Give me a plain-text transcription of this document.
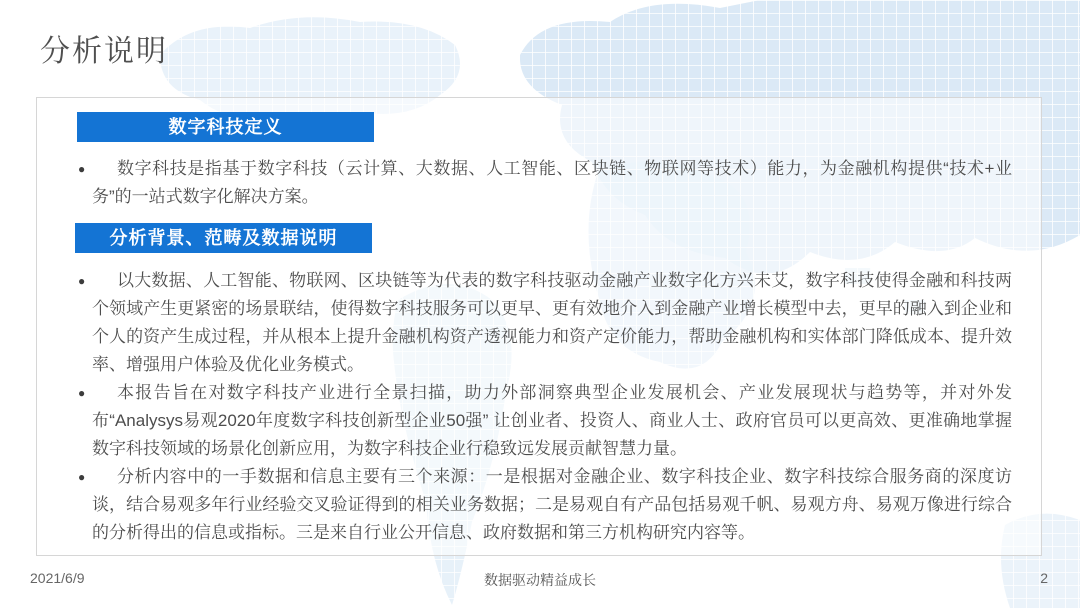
分析说明
数字科技定义

● 数字科技是指基于数字科技（云计算、大数据、人工智能、区块链、物联网等技术）能力，为金融机构提供“技术+业务”的一站式数字化解决方案。

分析背景、范畴及数据说明

● 以大数据、人工智能、物联网、区块链等为代表的数字科技驱动金融产业数字化方兴未艾，数字科技使得金融和科技两个领域产生更紧密的场景联结，使得数字科技服务可以更早、更有效地介入到金融产业增长模型中去，更早的融入到企业和个人的资产生成过程，并从根本上提升金融机构资产透视能力和资产定价能力，帮助金融机构和实体部门降低成本、提升效率、增强用户体验及优化业务模式。

● 本报告旨在对数字科技产业进行全景扫描，助力外部洞察典型企业发展机会、产业发展现状与趋势等，并对外发布“Analysys易观2020年度数字科技创新型企业50强” 让创业者、投资人、商业人士、政府官员可以更高效、更准确地掌握数字科技领域的场景化创新应用，为数字科技企业行稳致远发展贡献智慧力量。

● 分析内容中的一手数据和信息主要有三个来源：一是根据对金融企业、数字科技企业、数字科技综合服务商的深度访谈，结合易观多年行业经验交叉验证得到的相关业务数据；二是易观自有产品包括易观千帆、易观方舟、易观万像进行综合的分析得出的信息或指标。三是来自行业公开信息、政府数据和第三方机构研究内容等。

2021/6/9	数据驱动精益成长	2
